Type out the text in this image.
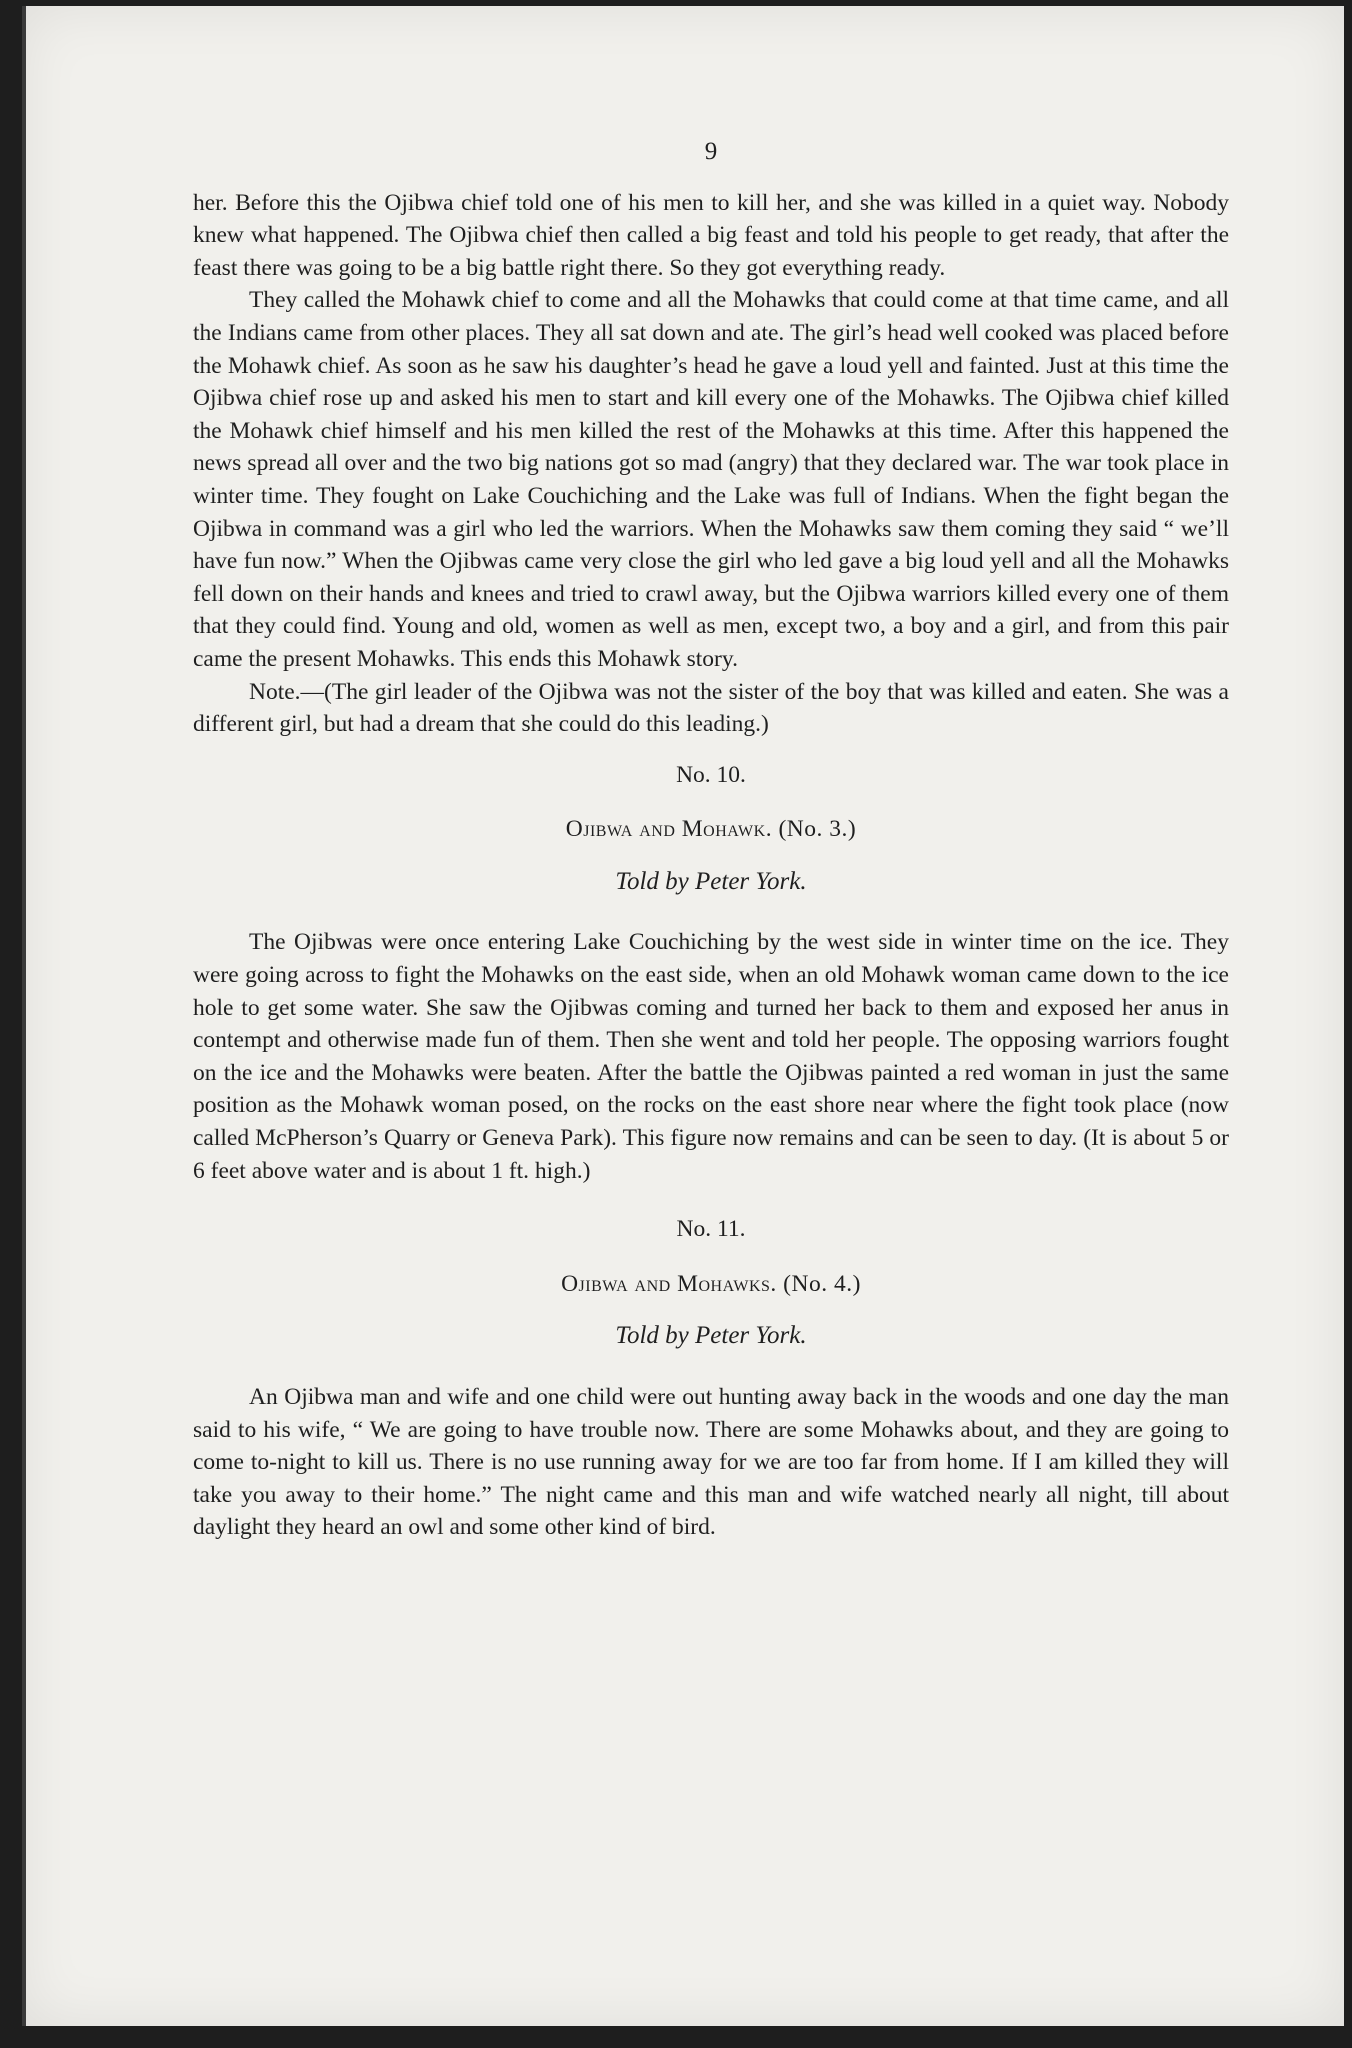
9

her. Before this the Ojibwa chief told one of his men to kill her, and she was killed in a quiet way. Nobody knew what happened. The Ojibwa chief then called a big feast and told his people to get ready, that after the feast there was going to be a big battle right there. So they got everything ready.

They called the Mohawk chief to come and all the Mohawks that could come at that time came, and all the Indians came from other places. They all sat down and ate. The girl’s head well cooked was placed before the Mohawk chief. As soon as he saw his daughter’s head he gave a loud yell and fainted. Just at this time the Ojibwa chief rose up and asked his men to start and kill every one of the Mohawks. The Ojibwa chief killed the Mohawk chief himself and his men killed the rest of the Mohawks at this time. After this happened the news spread all over and the two big nations got so mad (angry) that they declared war. The war took place in winter time. They fought on Lake Couchiching and the Lake was full of Indians. When the fight began the Ojibwa in command was a girl who led the warriors. When the Mohawks saw them coming they said “ we’ll have fun now.” When the Ojibwas came very close the girl who led gave a big loud yell and all the Mohawks fell down on their hands and knees and tried to crawl away, but the Ojibwa warriors killed every one of them that they could find. Young and old, women as well as men, except two, a boy and a girl, and from this pair came the present Mohawks. This ends this Mohawk story.

Note.—(The girl leader of the Ojibwa was not the sister of the boy that was killed and eaten. She was a different girl, but had a dream that she could do this leading.)

No. 10.
Ojibwa and Mohawk. (No. 3.)
Told by Peter York.

The Ojibwas were once entering Lake Couchiching by the west side in winter time on the ice. They were going across to fight the Mohawks on the east side, when an old Mohawk woman came down to the ice hole to get some water. She saw the Ojibwas coming and turned her back to them and exposed her anus in contempt and otherwise made fun of them. Then she went and told her people. The opposing warriors fought on the ice and the Mohawks were beaten. After the battle the Ojibwas painted a red woman in just the same position as the Mohawk woman posed, on the rocks on the east shore near where the fight took place (now called McPherson’s Quarry or Geneva Park). This figure now remains and can be seen to day. (It is about 5 or 6 feet above water and is about 1 ft. high.)

No. 11.
Ojibwa and Mohawks. (No. 4.)
Told by Peter York.

An Ojibwa man and wife and one child were out hunting away back in the woods and one day the man said to his wife, “ We are going to have trouble now. There are some Mohawks about, and they are going to come to-night to kill us. There is no use running away for we are too far from home. If I am killed they will take you away to their home.” The night came and this man and wife watched nearly all night, till about daylight they heard an owl and some other kind of bird.
